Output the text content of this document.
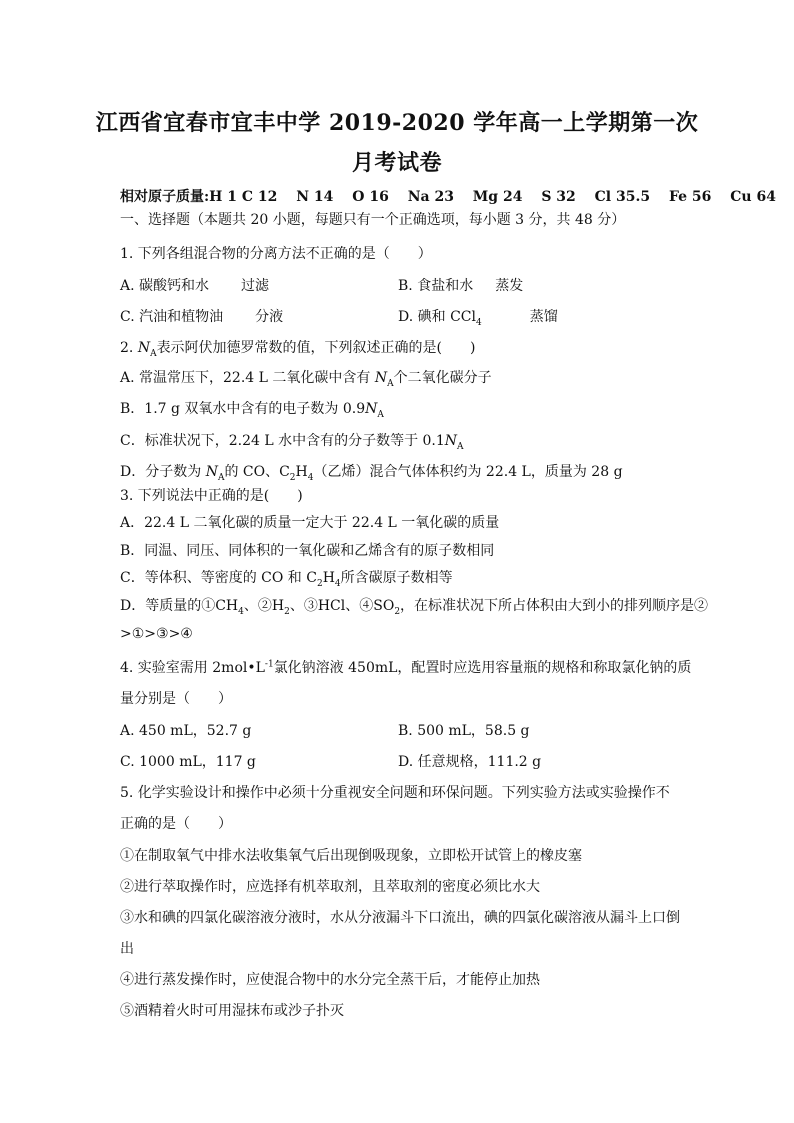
江西省宜春市宜丰中学 2019-2020 学年高一上学期第一次
月考试卷
相对原子质量:H 1 C 12 　N 14 　O 16 　Na 23 　Mg 24 　S 32 　Cl 35.5 　Fe 56 　Cu 64
一、选择题（本题共 20 小题，每题只有一个正确选项，每小题 3 分，共 48 分）
1. 下列各组混合物的分离方法不正确的是（　　）
A. 碳酸钙和水 过滤	B. 食盐和水 蒸发
C. 汽油和植物油 分液	D. 碘和 CCl$_4$	蒸馏
2. $N_A$表示阿伏加德罗常数的值，下列叙述正确的是(　　)
A. 常温常压下，22.4 L 二氧化碳中含有 $N_A$个二氧化碳分子
B．1.7 g 双氧水中含有的电子数为 $0.9N_A$
C．标准状况下，2.24 L 水中含有的分子数等于 $0.1N_A$
D．分子数为 $N_A$的 CO、$C_2H_4$（乙烯）混合气体体积约为 22.4 L，质量为 28 g
3. 下列说法中正确的是(　　)
A．22.4 L 二氧化碳的质量一定大于 22.4 L 一氧化碳的质量
B．同温、同压、同体积的一氧化碳和乙烯含有的原子数相同
C．等体积、等密度的 CO 和 $C_2H_4$所含碳原子数相等
D．等质量的$①CH_4$、$②H_2$、③HCl、$④SO_2$，在标准状况下所占体积由大到小的排列顺序是②
>①>③>④
4. 实验室需用 $2mol•L^{-1}$氯化钠溶液 450mL，配置时应选用容量瓶的规格和称取氯化钠的质
量分别是（　　）
A. 450 mL，52.7 g	B. 500 mL，58.5 g
C. 1000 mL，117 g	D. 任意规格，111.2 g
5. 化学实验设计和操作中必须十分重视安全问题和环保问题。下列实验方法或实验操作不
正确的是（　　）
①在制取氧气中排水法收集氧气后出现倒吸现象，立即松开试管上的橡皮塞
②进行萃取操作时，应选择有机萃取剂，且萃取剂的密度必须比水大
③水和碘的四氯化碳溶液分液时，水从分液漏斗下口流出，碘的四氯化碳溶液从漏斗上口倒
出
④进行蒸发操作时，应使混合物中的水分完全蒸干后，才能停止加热
⑤酒精着火时可用湿抹布或沙子扑灭
